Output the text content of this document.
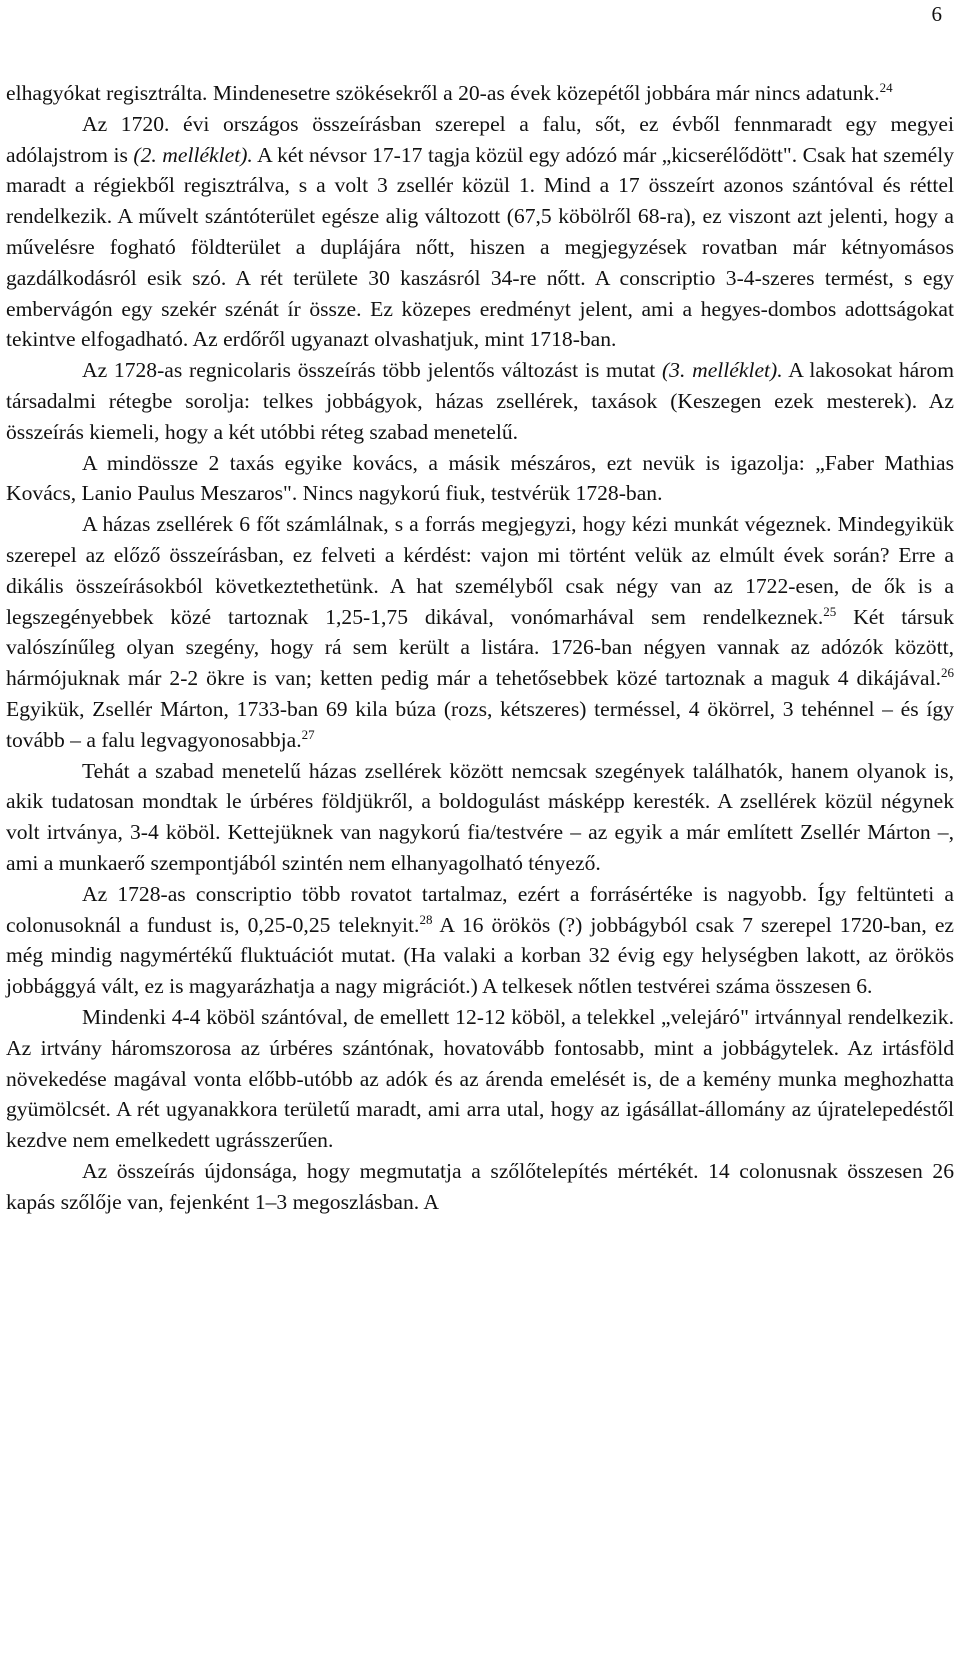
6

elhagyókat regisztrálta. Mindenesetre szökésekről a 20-as évek közepétől jobbára már nincs adatunk.$^{24}$

Az 1720. évi országos összeírásban szerepel a falu, sőt, ez évből fennmaradt egy megyei adólajstrom is (2. melléklet). A két névsor 17-17 tagja közül egy adózó már „kicserélődött". Csak hat személy maradt a régiekből regisztrálva, s a volt 3 zsellér közül 1. Mind a 17 összeírt azonos szántóval és réttel rendelkezik. A művelt szántóterület egésze alig változott (67,5 köbölről 68-ra), ez viszont azt jelenti, hogy a művelésre fogható földterület a duplájára nőtt, hiszen a megjegyzések rovatban már kétnyomásos gazdálkodásról esik szó. A rét területe 30 kaszásról 34-re nőtt. A conscriptio 3-4-szeres termést, s egy embervágón egy szekér szénát ír össze. Ez közepes eredményt jelent, ami a hegyes-dombos adottságokat tekintve elfogadható. Az erdőről ugyanazt olvashatjuk, mint 1718-ban.

Az 1728-as regnicolaris összeírás több jelentős változást is mutat (3. melléklet). A lakosokat három társadalmi rétegbe sorolja: telkes jobbágyok, házas zsellérek, taxások (Keszegen ezek mesterek). Az összeírás kiemeli, hogy a két utóbbi réteg szabad menetelű.

A mindössze 2 taxás egyike kovács, a másik mészáros, ezt nevük is igazolja: „Faber Mathias Kovács, Lanio Paulus Meszaros". Nincs nagykorú fiuk, testvérük 1728-ban.

A házas zsellérek 6 főt számlálnak, s a forrás megjegyzi, hogy kézi munkát végeznek. Mindegyikük szerepel az előző összeírásban, ez felveti a kérdést: vajon mi történt velük az elmúlt évek során? Erre a dikális összeírásokból következtethetünk. A hat személyből csak négy van az 1722-esen, de ők is a legszegényebbek közé tartoznak 1,25-1,75 dikával, vonómarhával sem rendelkeznek.$^{25}$ Két társuk valószínűleg olyan szegény, hogy rá sem került a listára. 1726-ban négyen vannak az adózók között, hármójuknak már 2-2 ökre is van; ketten pedig már a tehetősebbek közé tartoznak a maguk 4 dikájával.$^{26}$ Egyikük, Zsellér Márton, 1733-ban 69 kila búza (rozs, kétszeres) terméssel, 4 ökörrel, 3 tehénnel – és így tovább – a falu legvagyonosabbja.$^{27}$

Tehát a szabad menetelű házas zsellérek között nemcsak szegények találhatók, hanem olyanok is, akik tudatosan mondtak le úrbéres földjükről, a boldogulást másképp keresték. A zsellérek közül négynek volt irtványa, 3-4 köböl. Kettejüknek van nagykorú fia/testvére – az egyik a már említett Zsellér Márton –, ami a munkaerő szempontjából szintén nem elhanyagolható tényező.

Az 1728-as conscriptio több rovatot tartalmaz, ezért a forrásértéke is nagyobb. Így feltünteti a colonusoknál a fundust is, 0,25-0,25 teleknyit.$^{28}$ A 16 örökös (?) jobbágyból csak 7 szerepel 1720-ban, ez még mindig nagymértékű fluktuációt mutat. (Ha valaki a korban 32 évig egy helységben lakott, az örökös jobbággyá vált, ez is magyarázhatja a nagy migrációt.) A telkesek nőtlen testvérei száma összesen 6.

Mindenki 4-4 köböl szántóval, de emellett 12-12 köböl, a telekkel „velejáró" irtvánnyal rendelkezik. Az irtvány háromszorosa az úrbéres szántónak, hovatovább fontosabb, mint a jobbágytelek. Az irtásföld növekedése magával vonta előbb-utóbb az adók és az árenda emelését is, de a kemény munka meghozhatta gyümölcsét. A rét ugyanakkora területű maradt, ami arra utal, hogy az igásállat-állomány az újratelepedéstől kezdve nem emelkedett ugrásszerűen.

Az összeírás újdonsága, hogy megmutatja a szőlőtelepítés mértékét. 14 colonusnak összesen 26 kapás szőlője van, fejenként 1–3 megoszlásban. A
